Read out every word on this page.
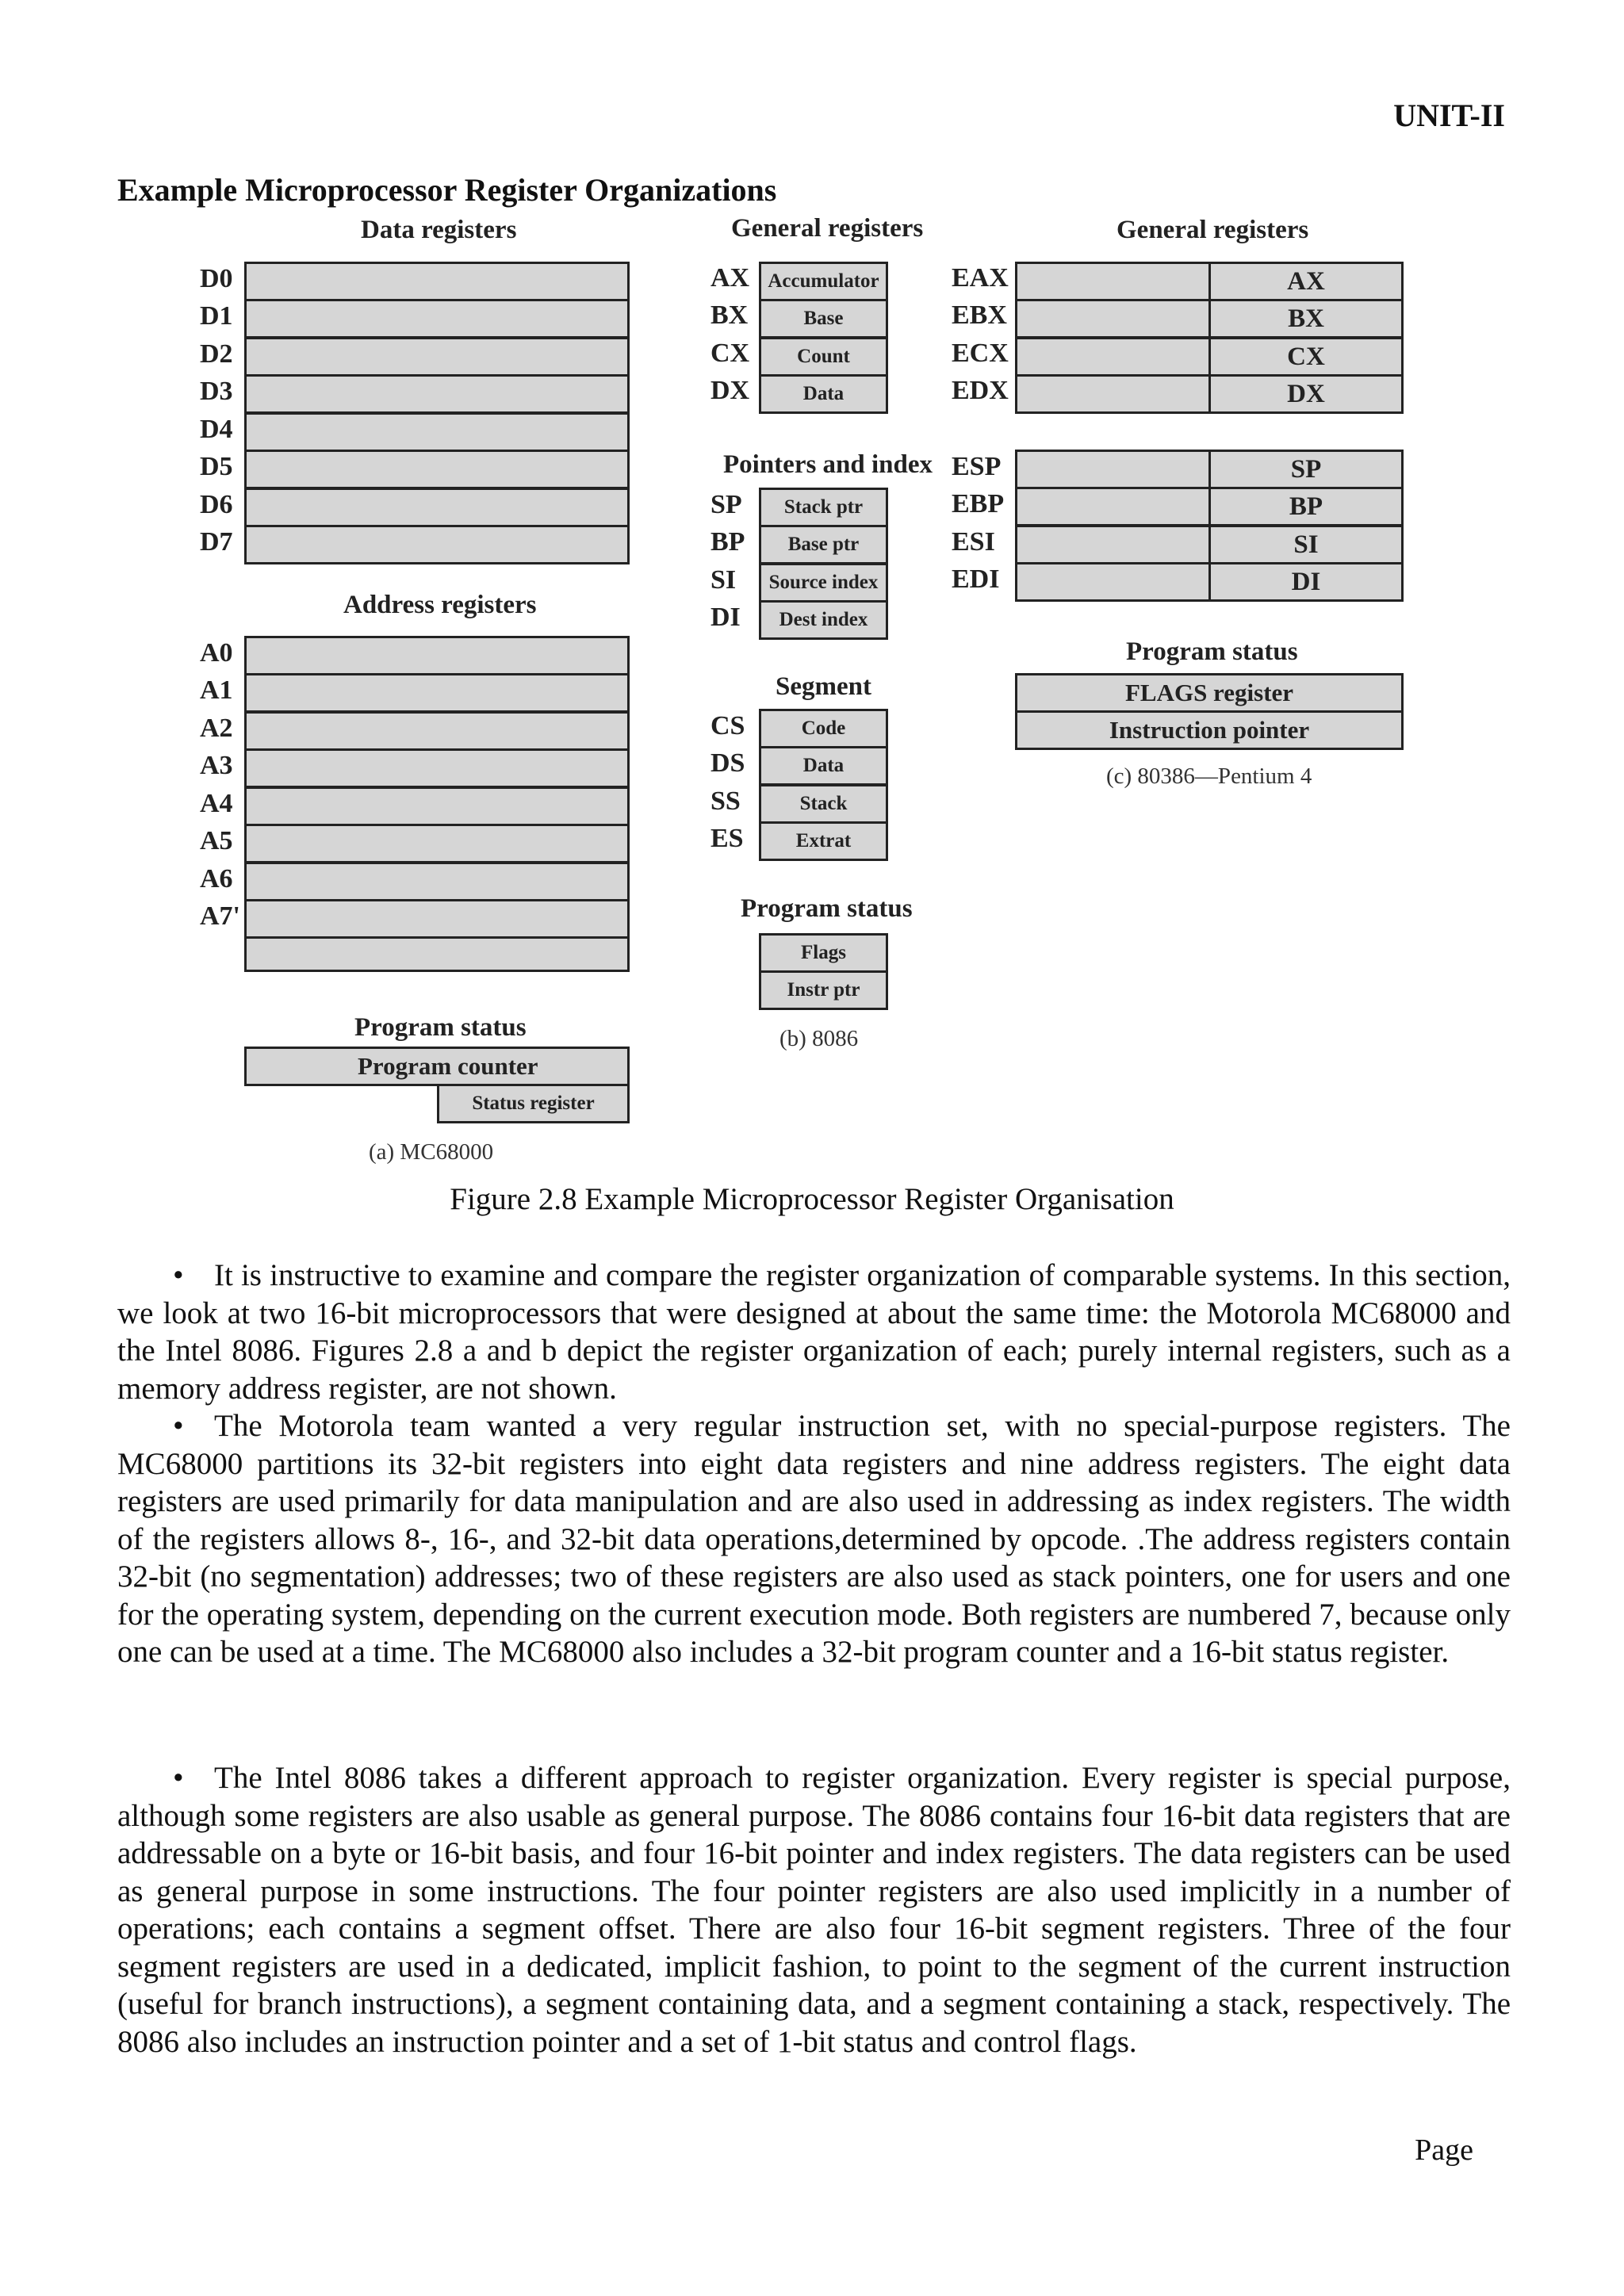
UNIT-II
Example Microprocessor Register Organizations
Data registers
D0
D1
D2
D3
D4
D5
D6
D7
Address registers
A0
A1
A2
A3
A4
A5
A6
A7'
Program status
Program counter
Status register
(a) MC68000
General registers
AX
BX
CX
DX
Accumulator
Base
Count
Data
Pointers and index
SP
BP
SI
DI
Stack ptr
Base ptr
Source index
Dest index
Segment
CS
DS
SS
ES
Code
Data
Stack
Extrat
Program status
Flags
Instr ptr
(b) 8086
General registers
EAX
EBX
ECX
EDX
AX
BX
CX
DX
ESP
EBP
ESI
EDI
SP
BP
SI
DI
Program status
FLAGS register
Instruction pointer
(c) 80386—Pentium 4
Figure 2.8 Example Microprocessor Register Organisation

• It is instructive to examine and compare the register organization of comparable systems. In this section, we look at two 16-bit microprocessors that were designed at about the same time: the Motorola MC68000 and the Intel 8086. Figures 2.8 a and b depict the register organization of each; purely internal registers, such as a memory address register, are not shown.

• The Motorola team wanted a very regular instruction set, with no special-purpose registers. The MC68000 partitions its 32-bit registers into eight data registers and nine address registers. The eight data registers are used primarily for data manipulation and are also used in addressing as index registers. The width of the registers allows 8-, 16-, and 32-bit data operations,determined by opcode. .The address registers contain 32-bit (no segmentation) addresses; two of these registers are also used as stack pointers, one for users and one for the operating system, depending on the current execution mode. Both registers are numbered 7, because only one can be used at a time. The MC68000 also includes a 32-bit program counter and a 16-bit status register.

• The Intel 8086 takes a different approach to register organization. Every register is special purpose, although some registers are also usable as general purpose. The 8086 contains four 16-bit data registers that are addressable on a byte or 16-bit basis, and four 16-bit pointer and index registers. The data registers can be used as general purpose in some instructions. The four pointer registers are also used implicitly in a number of operations; each contains a segment offset. There are also four 16-bit segment registers. Three of the four segment registers are used in a dedicated, implicit fashion, to point to the segment of the current instruction (useful for branch instructions), a segment containing data, and a segment containing a stack, respectively. The 8086 also includes an instruction pointer and a set of 1-bit status and control flags.

Page
